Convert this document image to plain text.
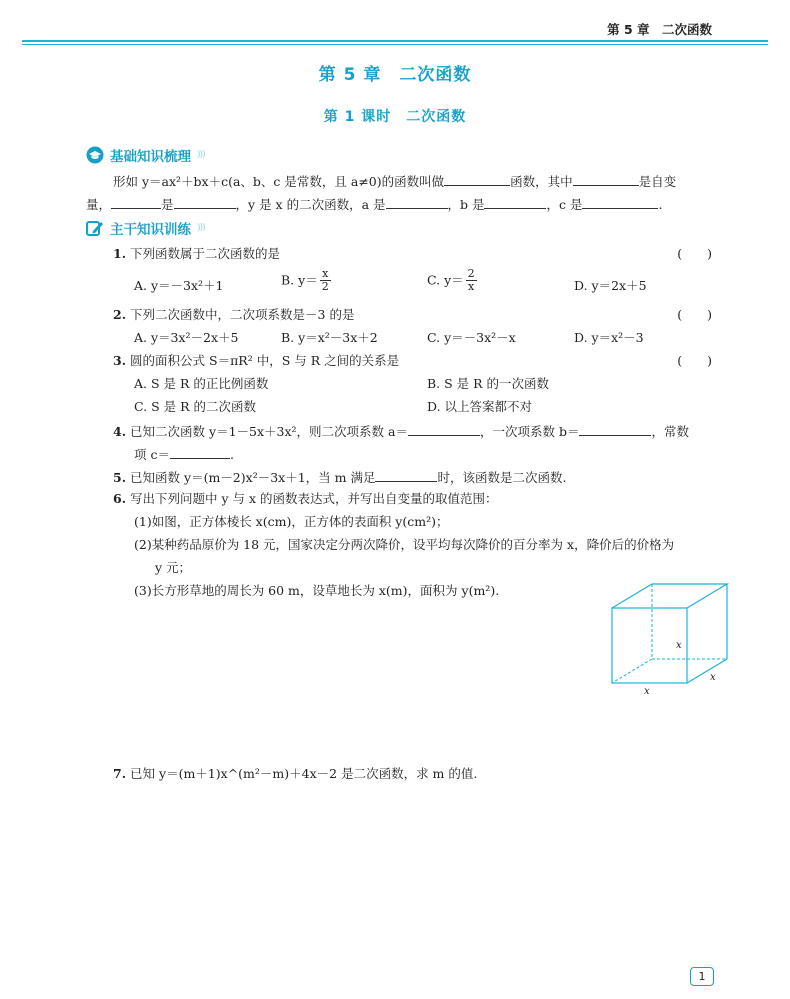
第 5 章　二次函数
第 5 章　二次函数
第 1 课时　二次函数
基础知识梳理 )))
形如 y＝ax²＋bx＋c(a、b、c 是常数，且 a≠0)的函数叫做	函数，其中	是自变
量，	是	，y 是 x 的二次函数，a 是	，b 是	，c 是	.
主干知识训练 )))
1. 下列函数属于二次函数的是	(　　)
A. y＝－3x²＋1	B. $y= \frac{x}{2}$	C. $y= \frac{2}{x}$	D. y＝2x＋5
2. 下列二次函数中，二次项系数是－3 的是	(　　)
A. y＝3x²－2x＋5	B. y＝x²－3x＋2	C. y＝－3x²－x	D. y＝x²－3
3. 圆的面积公式 S＝πR² 中，S 与 R 之间的关系是	(　　)
A. S 是 R 的正比例函数	B. S 是 R 的一次函数
C. S 是 R 的二次函数	D. 以上答案都不对
4. 已知二次函数 y＝1－5x＋3x²，则二次项系数 a＝	，一次项系数 b＝	，常数
项 c＝	.
5. 已知函数 y＝(m－2)x²－3x＋1，当 m 满足	时，该函数是二次函数.
6. 写出下列问题中 y 与 x 的函数表达式，并写出自变量的取值范围：
(1)如图，正方体棱长 x(cm)，正方体的表面积 y(cm²)；
(2)某种药品原价为 18 元，国家决定分两次降价，设平均每次降价的百分率为 x，降价后的价格为
y 元；
(3)长方形草地的周长为 60 m，设草地长为 x(m)，面积为 y(m²).
x
x
x
7. 已知 y＝(m＋1)x^(m²－m)＋4x－2 是二次函数，求 m 的值.
1
